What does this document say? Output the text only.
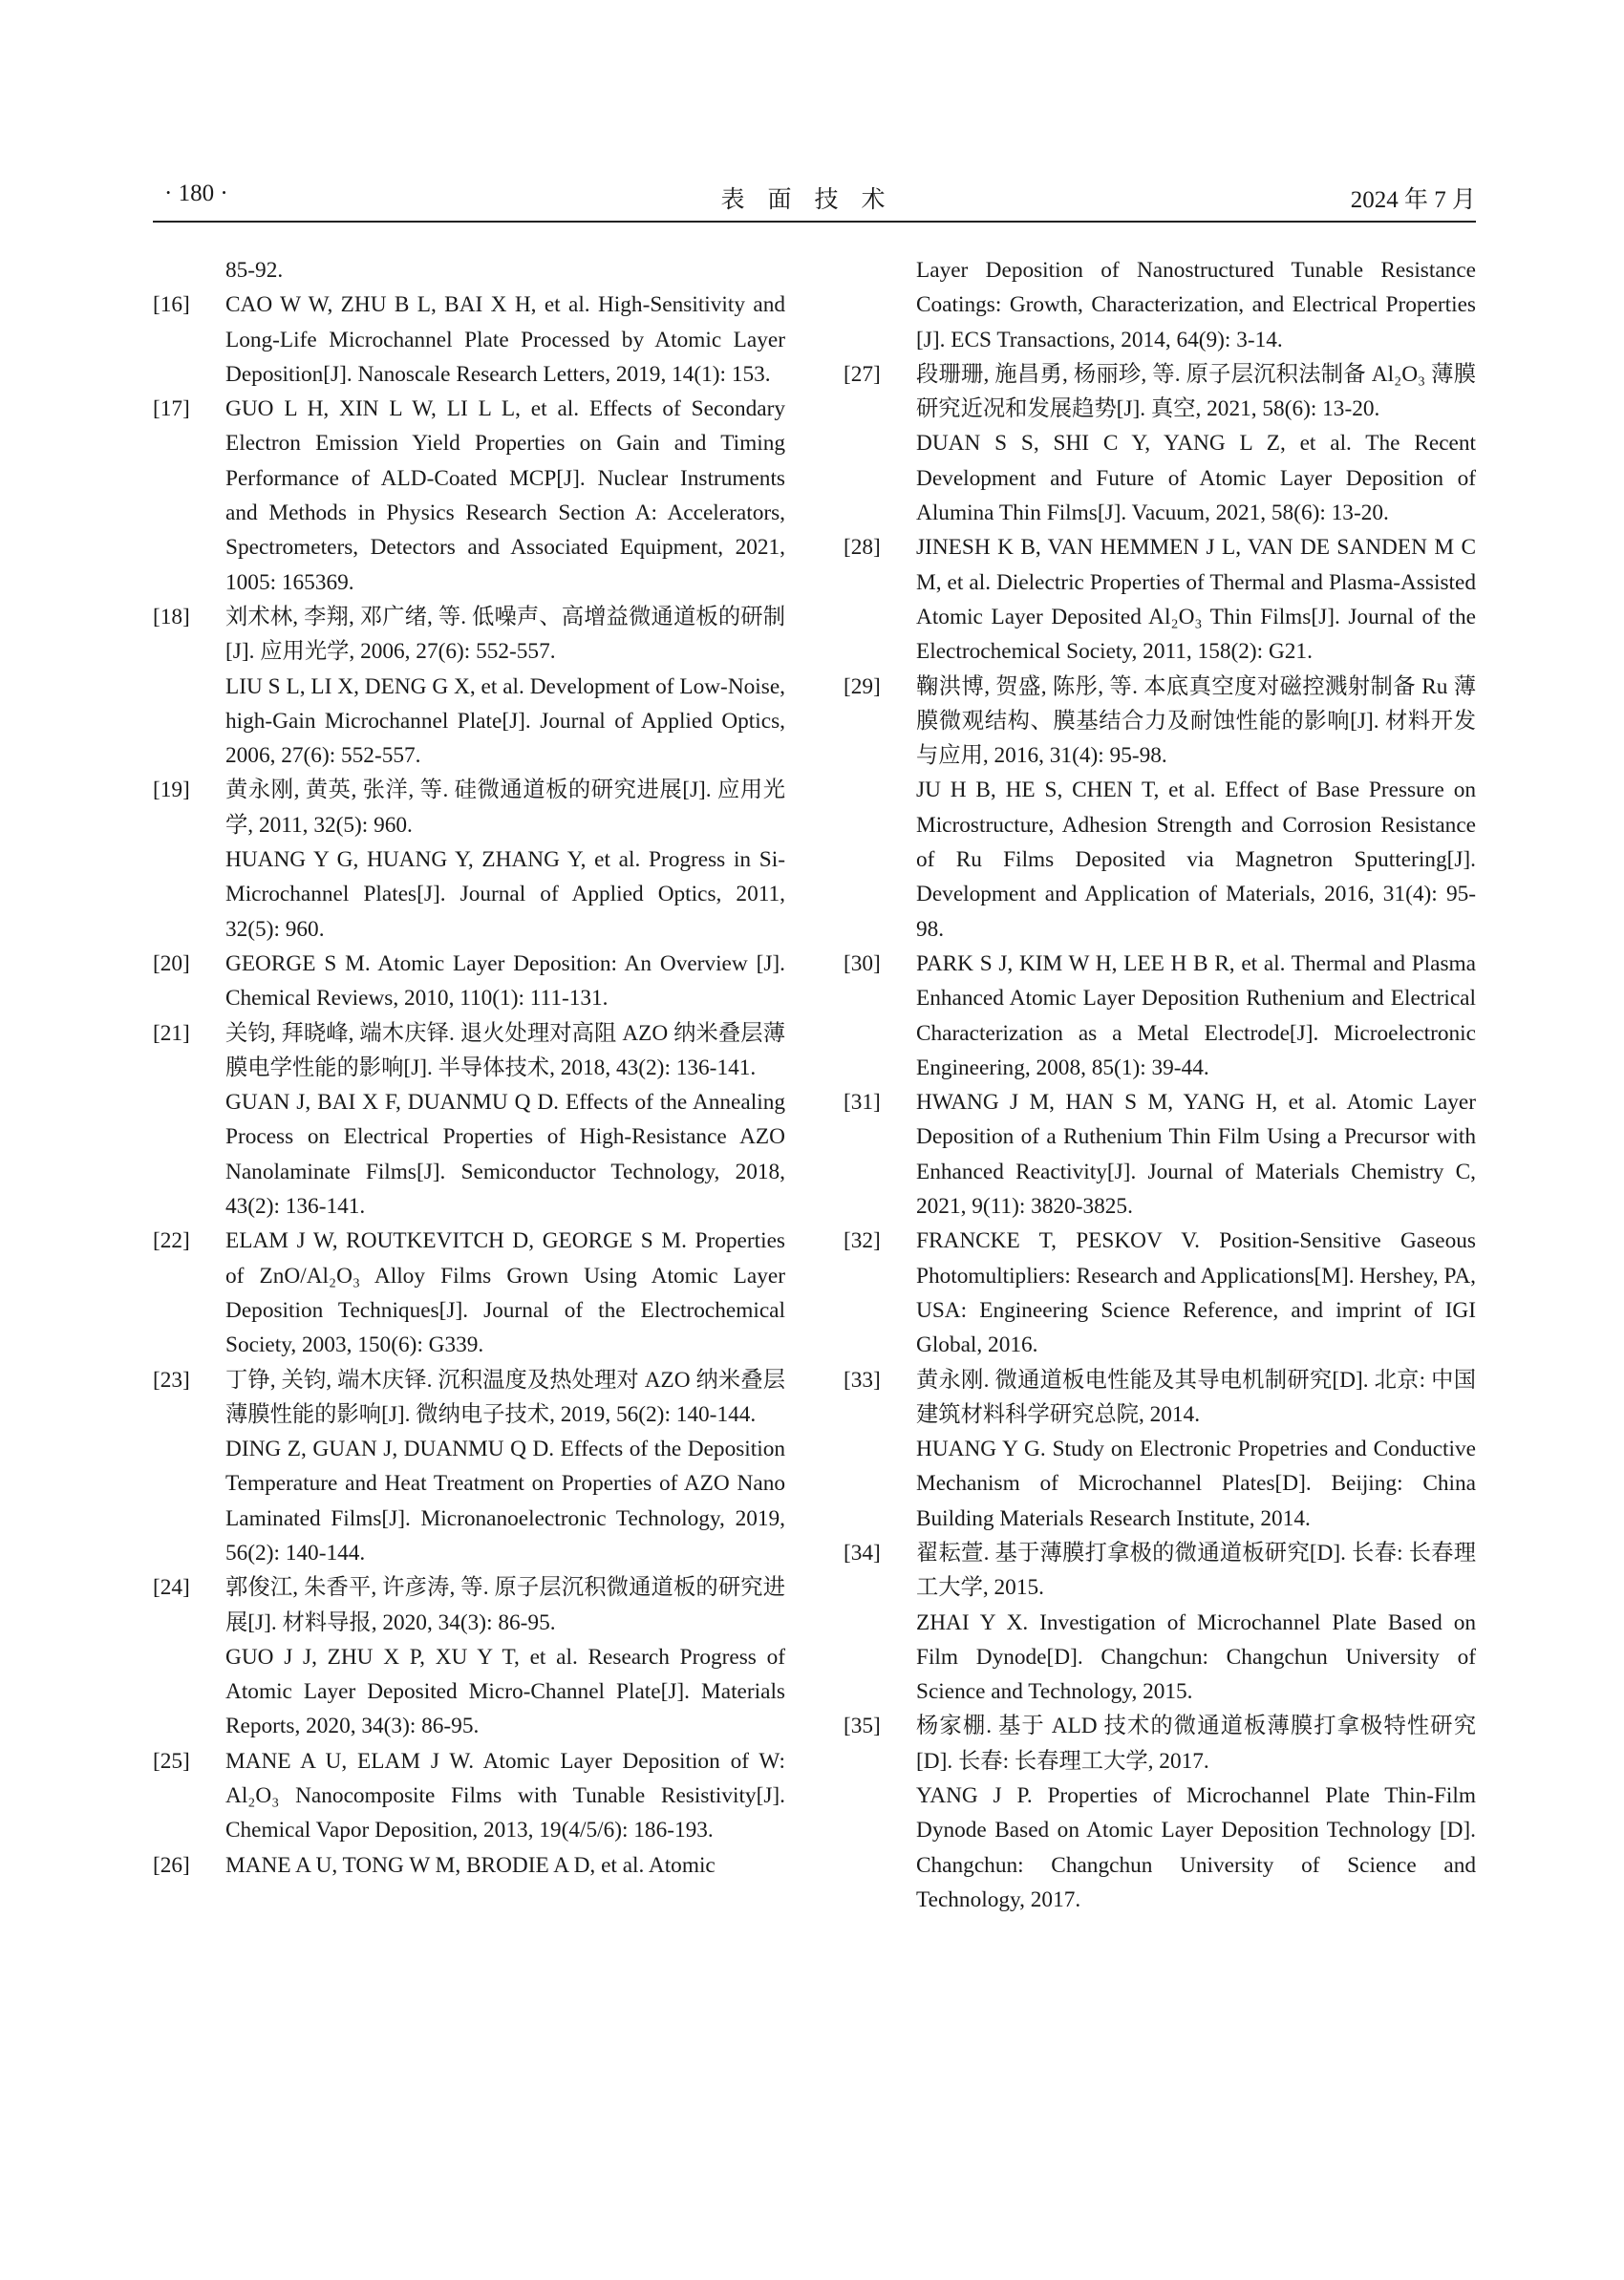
· 180 ·	表面技术	2024 年 7 月

85-92.

[16]	CAO W W, ZHU B L, BAI X H, et al. High-Sensitivity and Long-Life Microchannel Plate Processed by Atomic Layer Deposition[J]. Nanoscale Research Letters, 2019, 14(1): 153.

[17]	GUO L H, XIN L W, LI L L, et al. Effects of Secondary Electron Emission Yield Properties on Gain and Timing Performance of ALD-Coated MCP[J]. Nuclear Instruments and Methods in Physics Research Section A: Accelerators, Spectrometers, Detectors and Associated Equipment, 2021, 1005: 165369.

[18]	刘术林, 李翔, 邓广绪, 等. 低噪声、高增益微通道板的研制[J]. 应用光学, 2006, 27(6): 552-557.

LIU S L, LI X, DENG G X, et al. Development of Low-Noise, high-Gain Microchannel Plate[J]. Journal of Applied Optics, 2006, 27(6): 552-557.

[19]	黄永刚, 黄英, 张洋, 等. 硅微通道板的研究进展[J]. 应用光学, 2011, 32(5): 960.

HUANG Y G, HUANG Y, ZHANG Y, et al. Progress in Si-Microchannel Plates[J]. Journal of Applied Optics, 2011, 32(5): 960.

[20]	GEORGE S M. Atomic Layer Deposition: An Overview [J]. Chemical Reviews, 2010, 110(1): 111-131.

[21]	关钧, 拜晓峰, 端木庆铎. 退火处理对高阻 AZO 纳米叠层薄膜电学性能的影响[J]. 半导体技术, 2018, 43(2): 136-141.

GUAN J, BAI X F, DUANMU Q D. Effects of the Annealing Process on Electrical Properties of High-Resistance AZO Nanolaminate Films[J]. Semiconductor Technology, 2018, 43(2): 136-141.

[22]	ELAM J W, ROUTKEVITCH D, GEORGE S M. Properties of ZnO/Al₂O₃ Alloy Films Grown Using Atomic Layer Deposition Techniques[J]. Journal of the Electrochemical Society, 2003, 150(6): G339.

[23]	丁铮, 关钧, 端木庆铎. 沉积温度及热处理对 AZO 纳米叠层薄膜性能的影响[J]. 微纳电子技术, 2019, 56(2): 140-144.

DING Z, GUAN J, DUANMU Q D. Effects of the Deposition Temperature and Heat Treatment on Properties of AZO Nano Laminated Films[J]. Micronanoelectronic Technology, 2019, 56(2): 140-144.

[24]	郭俊江, 朱香平, 许彦涛, 等. 原子层沉积微通道板的研究进展[J]. 材料导报, 2020, 34(3): 86-95.

GUO J J, ZHU X P, XU Y T, et al. Research Progress of Atomic Layer Deposited Micro-Channel Plate[J]. Materials Reports, 2020, 34(3): 86-95.

[25]	MANE A U, ELAM J W. Atomic Layer Deposition of W: Al₂O₃ Nanocomposite Films with Tunable Resistivity[J]. Chemical Vapor Deposition, 2013, 19(4/5/6): 186-193.

[26]	MANE A U, TONG W M, BRODIE A D, et al. Atomic

Layer Deposition of Nanostructured Tunable Resistance Coatings: Growth, Characterization, and Electrical Properties [J]. ECS Transactions, 2014, 64(9): 3-14.

[27]	段珊珊, 施昌勇, 杨丽珍, 等. 原子层沉积法制备 Al₂O₃ 薄膜研究近况和发展趋势[J]. 真空, 2021, 58(6): 13-20.

DUAN S S, SHI C Y, YANG L Z, et al. The Recent Development and Future of Atomic Layer Deposition of Alumina Thin Films[J]. Vacuum, 2021, 58(6): 13-20.

[28]	JINESH K B, VAN HEMMEN J L, VAN DE SANDEN M C M, et al. Dielectric Properties of Thermal and Plasma-Assisted Atomic Layer Deposited Al₂O₃ Thin Films[J]. Journal of the Electrochemical Society, 2011, 158(2): G21.

[29]	鞠洪博, 贺盛, 陈彤, 等. 本底真空度对磁控溅射制备 Ru 薄膜微观结构、膜基结合力及耐蚀性能的影响[J]. 材料开发与应用, 2016, 31(4): 95-98.

JU H B, HE S, CHEN T, et al. Effect of Base Pressure on Microstructure, Adhesion Strength and Corrosion Resistance of Ru Films Deposited via Magnetron Sputtering[J]. Development and Application of Materials, 2016, 31(4): 95-98.

[30]	PARK S J, KIM W H, LEE H B R, et al. Thermal and Plasma Enhanced Atomic Layer Deposition Ruthenium and Electrical Characterization as a Metal Electrode[J]. Microelectronic Engineering, 2008, 85(1): 39-44.

[31]	HWANG J M, HAN S M, YANG H, et al. Atomic Layer Deposition of a Ruthenium Thin Film Using a Precursor with Enhanced Reactivity[J]. Journal of Materials Chemistry C, 2021, 9(11): 3820-3825.

[32]	FRANCKE T, PESKOV V. Position-Sensitive Gaseous Photomultipliers: Research and Applications[M]. Hershey, PA, USA: Engineering Science Reference, and imprint of IGI Global, 2016.

[33]	黄永刚. 微通道板电性能及其导电机制研究[D]. 北京: 中国建筑材料科学研究总院, 2014.

HUANG Y G. Study on Electronic Propetries and Conductive Mechanism of Microchannel Plates[D]. Beijing: China Building Materials Research Institute, 2014.

[34]	翟耘萱. 基于薄膜打拿极的微通道板研究[D]. 长春: 长春理工大学, 2015.

ZHAI Y X. Investigation of Microchannel Plate Based on Film Dynode[D]. Changchun: Changchun University of Science and Technology, 2015.

[35]	杨家棚. 基于 ALD 技术的微通道板薄膜打拿极特性研究[D]. 长春: 长春理工大学, 2017.

YANG J P. Properties of Microchannel Plate Thin-Film Dynode Based on Atomic Layer Deposition Technology [D]. Changchun: Changchun University of Science and Technology, 2017.
